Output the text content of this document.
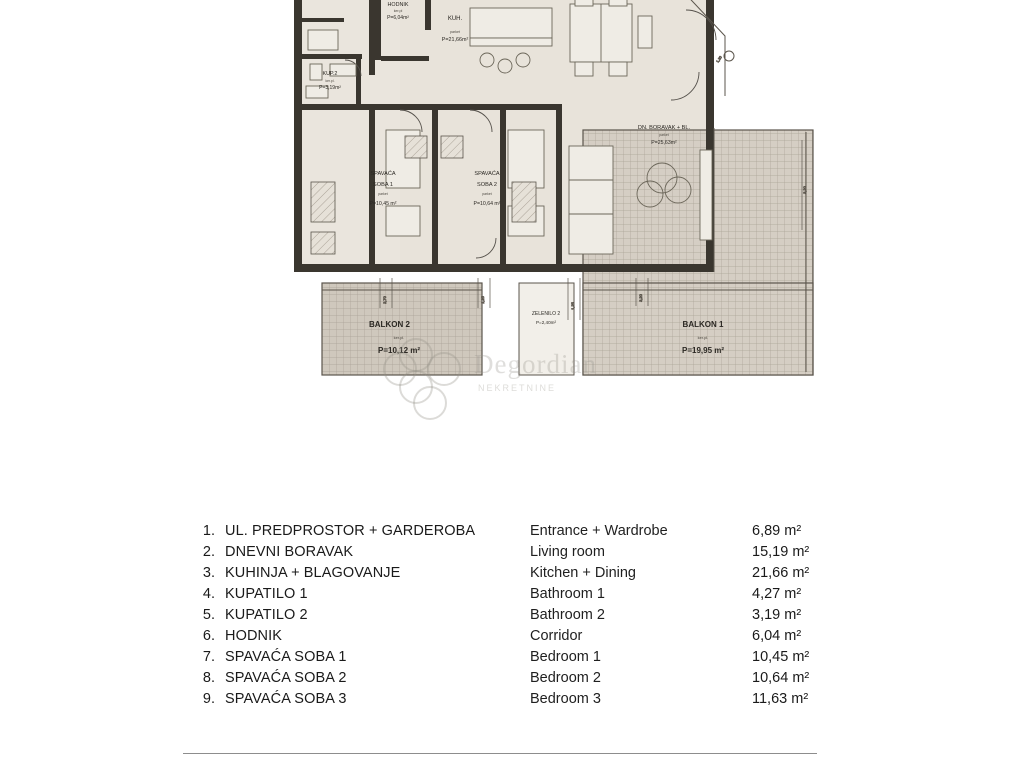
HODNIK
ker.pl
P=6,04m²	KUH.
parket
P=21,66m²
KUP.2
ker.pl.
P=3,19m²
SPAVAĆA
SOBA 1
parket
P=10,45 m²
SPAVAĆA
SOBA 2
parket
P=10,64 m²
DN. BORAVAK + BL.
parket
P=25,63m²
BALKON 2
ker.pl.
P=10,12 m²
ZELENILO 2
P=2,40m²	BALKON 1
ker.pl.
P=19,95 m²
2,70	1,25
1,25
3,20
3,20
1,20
Degordian
NEKRETNINE
1.	UL. PREDPROSTOR + GARDEROBA	Entrance + Wardrobe	6,89 m²
2.	DNEVNI BORAVAK	Living room	15,19 m²
3.	KUHINJA + BLAGOVANJE	Kitchen + Dining	21,66 m²
4.	KUPATILO 1	Bathroom 1	4,27 m²
5.	KUPATILO 2	Bathroom 2	3,19 m²
6.	HODNIK	Corridor	6,04 m²
7.	SPAVAĆA SOBA 1	Bedroom 1	10,45 m²
8.	SPAVAĆA SOBA 2	Bedroom 2	10,64 m²
9.	SPAVAĆA SOBA 3	Bedroom 3	11,63 m²
